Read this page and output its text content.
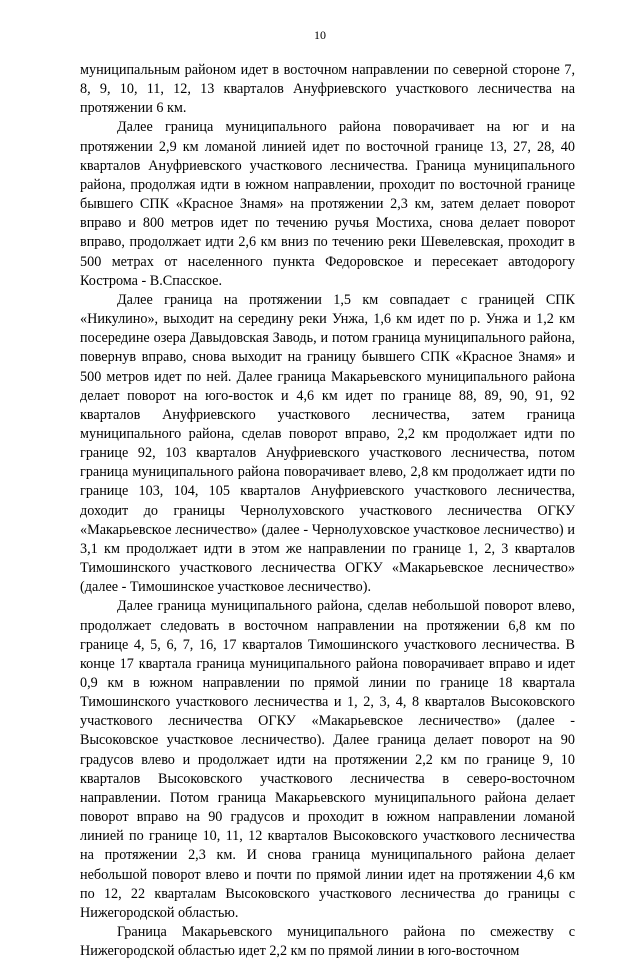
10

муниципальным районом идет в восточном направлении по северной стороне 7, 8, 9, 10, 11, 12, 13 кварталов Ануфриевского участкового лесничества на протяжении 6 км.

Далее граница муниципального района поворачивает на юг и на протяжении 2,9 км ломаной линией идет по восточной границе 13, 27, 28, 40 кварталов Ануфриевского участкового лесничества. Граница муниципального района, продолжая идти в южном направлении, проходит по восточной границе бывшего СПК «Красное Знамя» на протяжении 2,3 км, затем делает поворот вправо и 800 метров идет по течению ручья Мостиха, снова делает поворот вправо, продолжает идти 2,6 км вниз по течению реки Шевелевская, проходит в 500 метрах от населенного пункта Федоровское и пересекает автодорогу Кострома - В.Спасское.

Далее граница на протяжении 1,5 км совпадает с границей СПК «Никулино», выходит на середину реки Унжа, 1,6 км идет по р. Унжа и 1,2 км посередине озера Давыдовская Заводь, и потом граница муниципального района, повернув вправо, снова выходит на границу бывшего СПК «Красное Знамя» и 500 метров идет по ней. Далее граница Макарьевского муниципального района делает поворот на юго-восток и 4,6 км идет по границе 88, 89, 90, 91, 92 кварталов Ануфриевского участкового лесничества, затем граница муниципального района, сделав поворот вправо, 2,2 км продолжает идти по границе 92, 103 кварталов Ануфриевского участкового лесничества, потом граница муниципального района поворачивает влево, 2,8 км продолжает идти по границе 103, 104, 105 кварталов Ануфриевского участкового лесничества, доходит до границы Чернолуховского участкового лесничества ОГКУ «Макарьевское лесничество» (далее - Чернолуховское участковое лесничество) и 3,1 км продолжает идти в этом же направлении по границе 1, 2, 3 кварталов Тимошинского участкового лесничества ОГКУ «Макарьевское лесничество» (далее - Тимошинское участковое лесничество).

Далее граница муниципального района, сделав небольшой поворот влево, продолжает следовать в восточном направлении на протяжении 6,8 км по границе 4, 5, 6, 7, 16, 17 кварталов Тимошинского участкового лесничества. В конце 17 квартала граница муниципального района поворачивает вправо и идет 0,9 км в южном направлении по прямой линии по границе 18 квартала Тимошинского участкового лесничества и 1, 2, 3, 4, 8 кварталов Высоковского участкового лесничества ОГКУ «Макарьевское лесничество» (далее - Высоковское участковое лесничество). Далее граница делает поворот на 90 градусов влево и продолжает идти на протяжении 2,2 км по границе 9, 10 кварталов Высоковского участкового лесничества в северо-восточном направлении. Потом граница Макарьевского муниципального района делает поворот вправо на 90 градусов и проходит в южном направлении ломаной линией по границе 10, 11, 12 кварталов Высоковского участкового лесничества на протяжении 2,3 км. И снова граница муниципального района делает небольшой поворот влево и почти по прямой линии идет на протяжении 4,6 км по 12, 22 кварталам Высоковского участкового лесничества до границы с Нижегородской областью.

Граница Макарьевского муниципального района по смежеству с Нижегородской областью идет 2,2 км по прямой линии в юго-восточном
